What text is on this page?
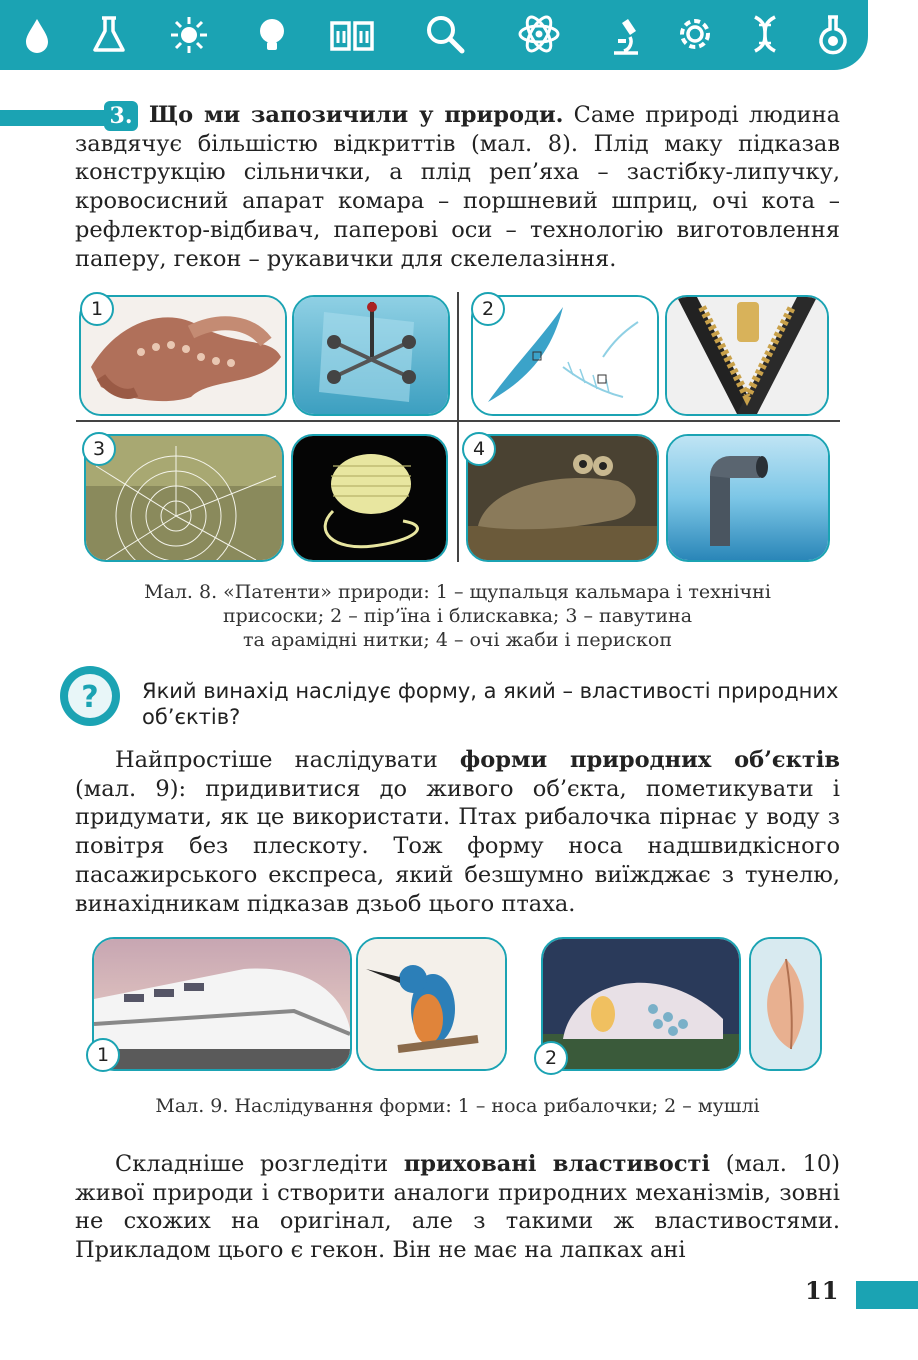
3. Що ми запозичили у природи. Саме природі людина завдячує більшістю відкриттів (мал. 8). Плід маку підказав конструкцію сільнички, а плід реп’яха – застібку-липучку, кровосисний апарат комара – поршневий шприц, очі кота – рефлектор-відбивач, паперові оси – технологію виготовлення паперу, гекон – рукавички для скелелазіння.

1	2
3	4

Мал. 8. «Патенти» природи: 1 – щупальця кальмара і технічні
присоски; 2 – пір’їна і блискавка; 3 – павутина
та арамідні нитки; 4 – очі жаби і перископ

? Який винахід наслідує форму, а який – властивості природних об’єктів?

Найпростіше наслідувати форми природних об’єктів (мал. 9): придивитися до живого об’єкта, пометикувати і придумати, як це використати. Птах рибалочка пірнає у воду з повітря без плескоту. Тож форму носа надшвидкісного пасажирського експреса, який безшумно виїжджає з тунелю, винахідникам підказав дзьоб цього птаха.

1	2

Мал. 9. Наслідування форми: 1 – носа рибалочки; 2 – мушлі

Складніше розгледіти приховані властивості (мал. 10) живої природи і створити аналоги природних механізмів, зовні не схожих на оригінал, але з такими ж властивостями. Прикладом цього є гекон. Він не має на лапках ані

11
